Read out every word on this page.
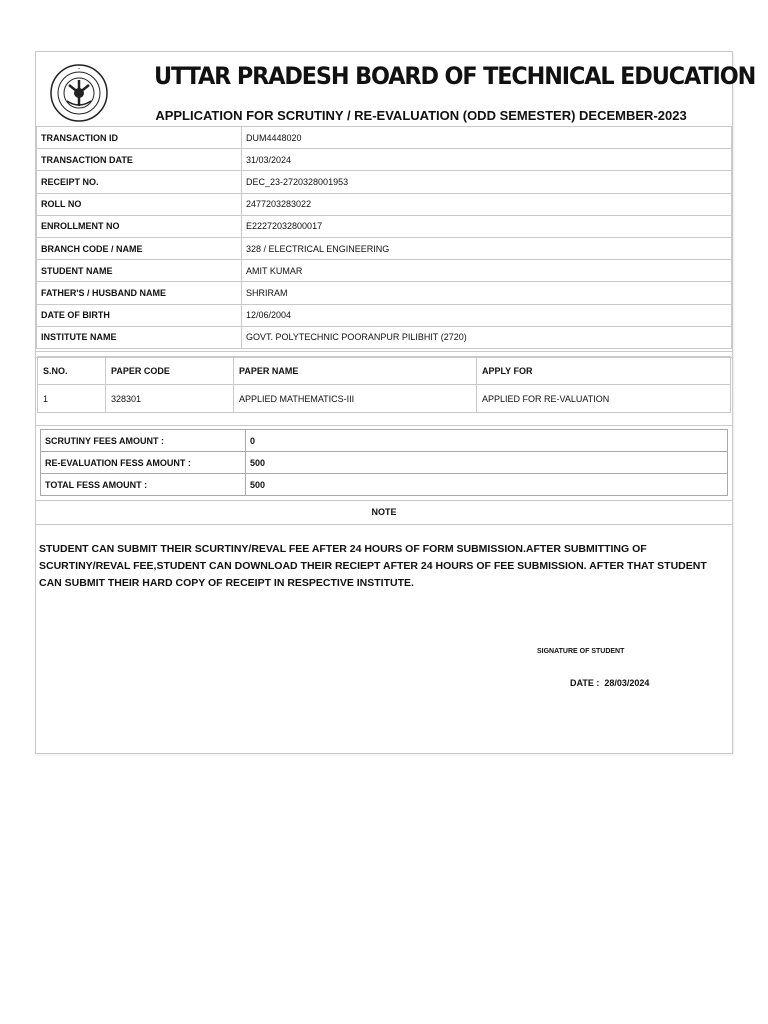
•	UTTAR PRADESH BOARD OF TECHNICAL EDUCATION
APPLICATION FOR SCRUTINY / RE-EVALUATION (ODD SEMESTER) DECEMBER-2023
TRANSACTION ID	DUM4448020
TRANSACTION DATE	31/03/2024
RECEIPT NO.	DEC_23-2720328001953
ROLL NO	2477203283022
ENROLLMENT NO	E22272032800017
BRANCH CODE / NAME	328 / ELECTRICAL ENGINEERING
STUDENT NAME	AMIT KUMAR
FATHER'S / HUSBAND NAME	SHRIRAM
DATE OF BIRTH	12/06/2004
INSTITUTE NAME	GOVT. POLYTECHNIC POORANPUR PILIBHIT (2720)
S.NO.	PAPER CODE	PAPER NAME	APPLY FOR
1	328301	APPLIED MATHEMATICS-III	APPLIED FOR RE-VALUATION
SCRUTINY FEES AMOUNT :	0
RE-EVALUATION FESS AMOUNT :	500
TOTAL FESS AMOUNT :	500
NOTE
STUDENT CAN SUBMIT THEIR SCURTINY/REVAL FEE AFTER 24 HOURS OF FORM SUBMISSION.AFTER SUBMITTING OF SCURTINY/REVAL FEE,STUDENT CAN DOWNLOAD THEIR RECIEPT AFTER 24 HOURS OF FEE SUBMISSION. AFTER THAT STUDENT CAN SUBMIT THEIR HARD COPY OF RECEIPT IN RESPECTIVE INSTITUTE.
SIGNATURE OF STUDENT
DATE : 28/03/2024
